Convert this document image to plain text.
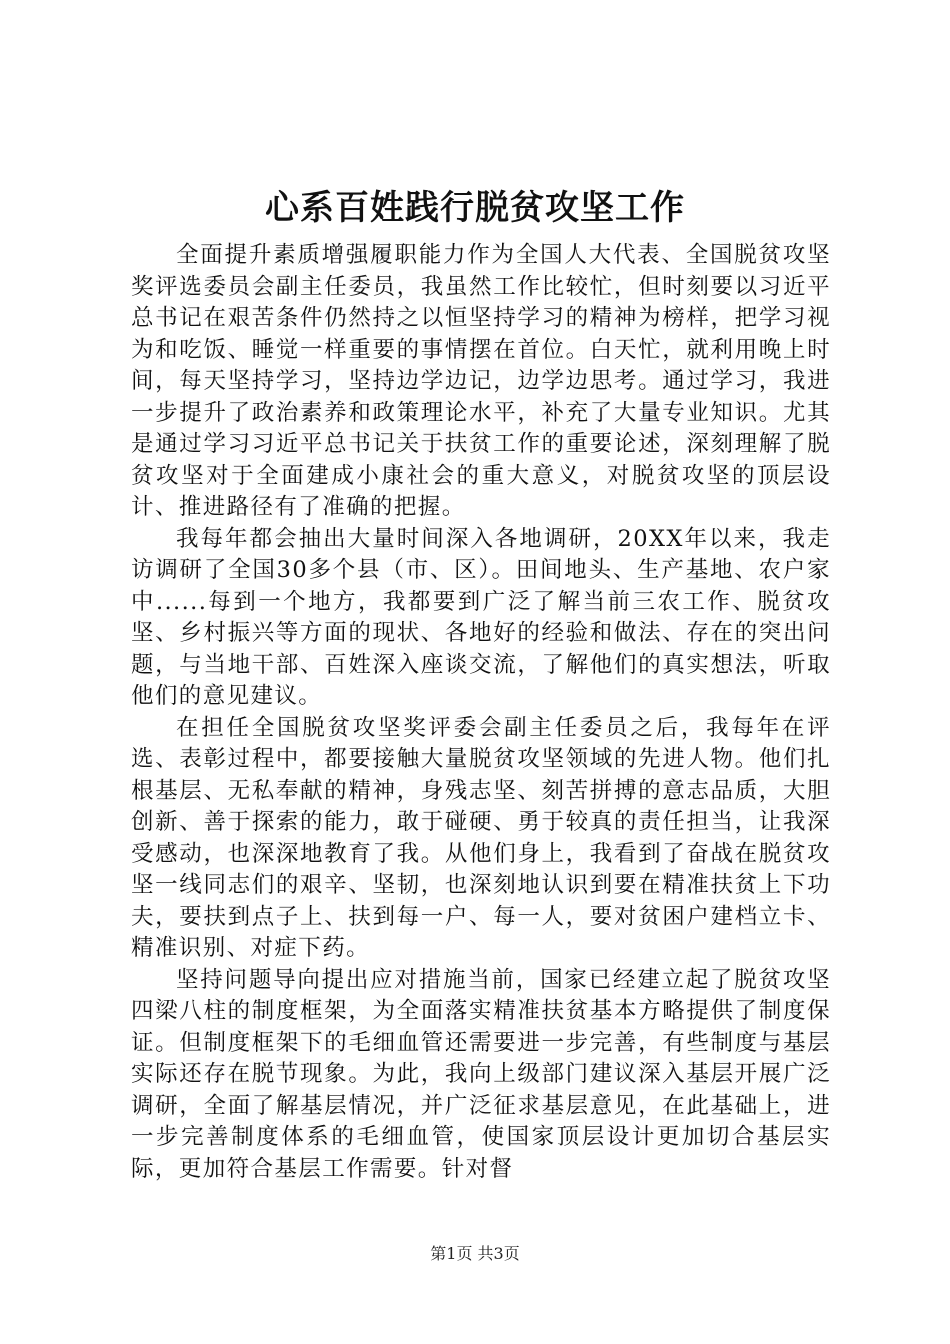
心系百姓践行脱贫攻坚工作

全面提升素质增强履职能力作为全国人大代表、全国脱贫攻坚奖评选委员会副主任委员，我虽然工作比较忙，但时刻要以习近平总书记在艰苦条件仍然持之以恒坚持学习的精神为榜样，把学习视为和吃饭、睡觉一样重要的事情摆在首位。白天忙，就利用晚上时间，每天坚持学习，坚持边学边记，边学边思考。通过学习，我进一步提升了政治素养和政策理论水平，补充了大量专业知识。尤其是通过学习习近平总书记关于扶贫工作的重要论述，深刻理解了脱贫攻坚对于全面建成小康社会的重大意义，对脱贫攻坚的顶层设计、推进路径有了准确的把握。

我每年都会抽出大量时间深入各地调研，20XX年以来，我走访调研了全国30多个县（市、区）。田间地头、生产基地、农户家中......每到一个地方，我都要到广泛了解当前三农工作、脱贫攻坚、乡村振兴等方面的现状、各地好的经验和做法、存在的突出问题，与当地干部、百姓深入座谈交流，了解他们的真实想法，听取他们的意见建议。

在担任全国脱贫攻坚奖评委会副主任委员之后，我每年在评选、表彰过程中，都要接触大量脱贫攻坚领域的先进人物。他们扎根基层、无私奉献的精神，身残志坚、刻苦拼搏的意志品质，大胆创新、善于探索的能力，敢于碰硬、勇于较真的责任担当，让我深受感动，也深深地教育了我。从他们身上，我看到了奋战在脱贫攻坚一线同志们的艰辛、坚韧，也深刻地认识到要在精准扶贫上下功夫，要扶到点子上、扶到每一户、每一人，要对贫困户建档立卡、精准识别、对症下药。

坚持问题导向提出应对措施当前，国家已经建立起了脱贫攻坚四梁八柱的制度框架，为全面落实精准扶贫基本方略提供了制度保证。但制度框架下的毛细血管还需要进一步完善，有些制度与基层实际还存在脱节现象。为此，我向上级部门建议深入基层开展广泛调研，全面了解基层情况，并广泛征求基层意见，在此基础上，进一步完善制度体系的毛细血管，使国家顶层设计更加切合基层实际，更加符合基层工作需要。针对督

第1页 共3页
